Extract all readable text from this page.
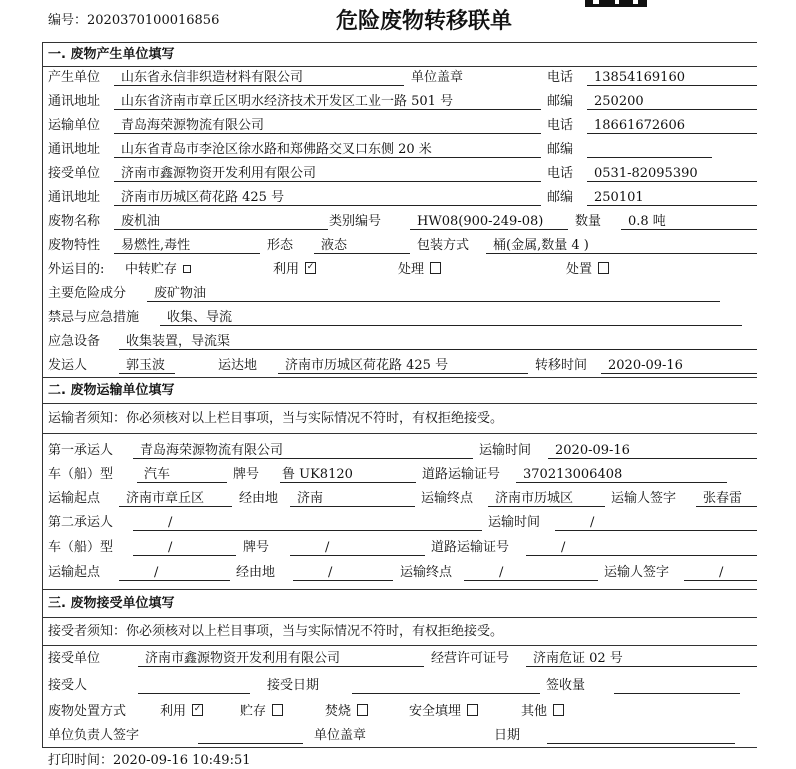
编号：2020370100016856	危险废物转移联单
一. 废物产生单位填写
产生单位	山东省永信非织造材料有限公司	单位盖章	电话	13854169160
通讯地址	山东省济南市章丘区明水经济技术开发区工业一路 501 号	邮编	250200
运输单位	青岛海荣源物流有限公司	电话	18661672606
通讯地址	山东省青岛市李沧区徐水路和郑佛路交叉口东侧 20 米	邮编
接受单位	济南市鑫源物资开发利用有限公司	电话	0531-82095390
通讯地址	济南市历城区荷花路 425 号	邮编	250101
废物名称	废机油	类别编号	HW08(900-249-08)	数量	0.8 吨
废物特性	易燃性,毒性	形态	液态	包装方式	桶(金属,数量 4 )
外运目的: 中转贮存	利用 ✓	处理	处置
主要危险成分	废矿物油
禁忌与应急措施	收集、导流
应急设备	收集装置，导流渠
发运人	郭玉波	运达地	济南市历城区荷花路 425 号	转移时间	2020-09-16
二. 废物运输单位填写
运输者须知：你必须核对以上栏目事项，当与实际情况不符时，有权拒绝接受。
第一承运人	青岛海荣源物流有限公司	运输时间	2020-09-16
车（船）型	汽车	牌号 鲁 UK8120	道路运输证号	370213006408
运输起点	济南市章丘区	经由地	济南	运输终点	济南市历城区	运输人签字	张春雷
第二承运人	/	运输时间	/
车（船）型	/	牌号	/	道路运输证号	/
运输起点	/	经由地	/	运输终点	/	运输人签字	/
三. 废物接受单位填写
接受者须知：你必须核对以上栏目事项，当与实际情况不符时，有权拒绝接受。
接受单位	济南市鑫源物资开发利用有限公司	经营许可证号	济南危证 02 号
接受人	接受日期	签收量
废物处置方式	利用 ✓	贮存	焚烧	安全填埋	其他
单位负责人签字	单位盖章	日期
打印时间：2020-09-16 10:49:51
